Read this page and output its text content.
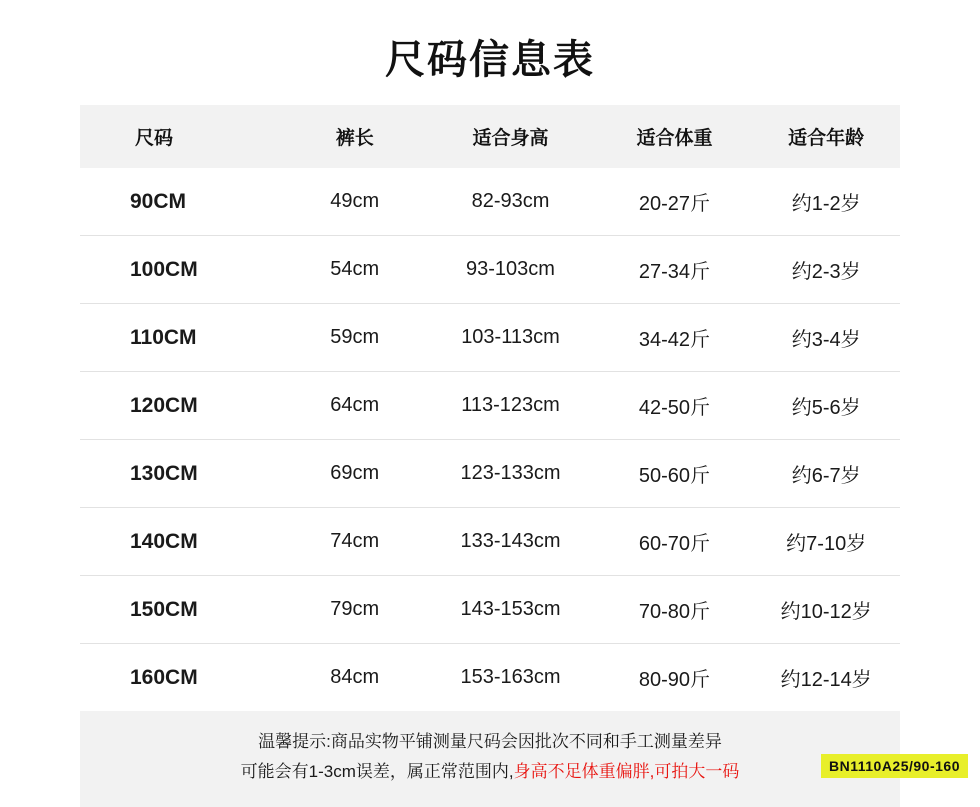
尺码信息表
尺码	裤长	适合身高	适合体重	适合年龄
90CM	49cm	82-93cm	20-27斤	约1-2岁
100CM	54cm	93-103cm	27-34斤	约2-3岁
110CM	59cm	103-113cm	34-42斤	约3-4岁
120CM	64cm	113-123cm	42-50斤	约5-6岁
130CM	69cm	123-133cm	50-60斤	约6-7岁
140CM	74cm	133-143cm	60-70斤	约7-10岁
150CM	79cm	143-153cm	70-80斤	约10-12岁
160CM	84cm	153-163cm	80-90斤	约12-14岁
温馨提示:商品实物平铺测量尺码会因批次不同和手工测量差异
可能会有1-3cm误差，属正常范围内,身高不足体重偏胖,可拍大一码	BN1110A25/90-160
